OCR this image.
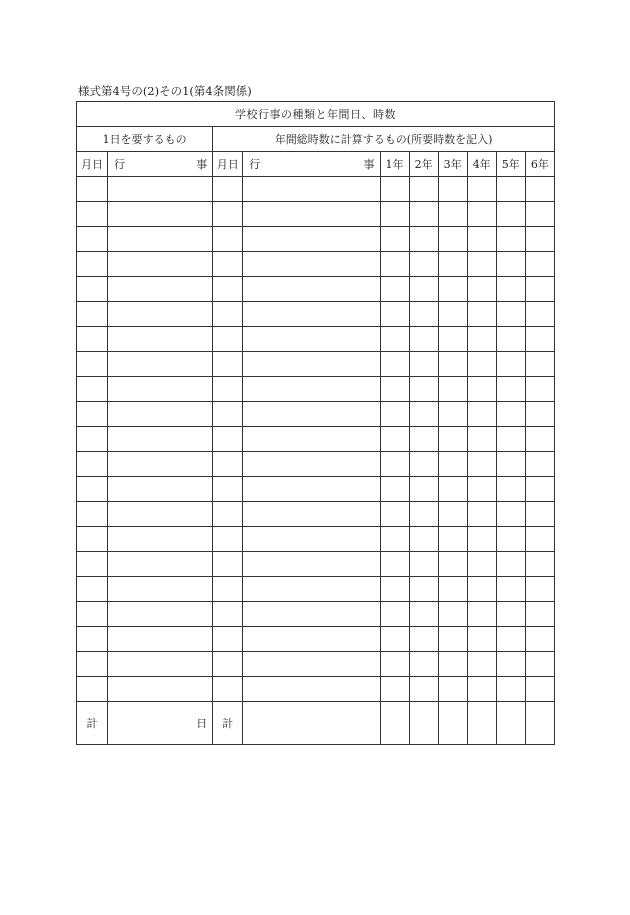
様式第4号の(2)その1(第4条関係)
学校行事の種類と年間日、時数									
1日を要するもの		年間総時数に計算するもの(所要時数を記入)							
月日	行 事	月日	行 事	1年	2年	3年	4年	5年	6年

計	日	計							
